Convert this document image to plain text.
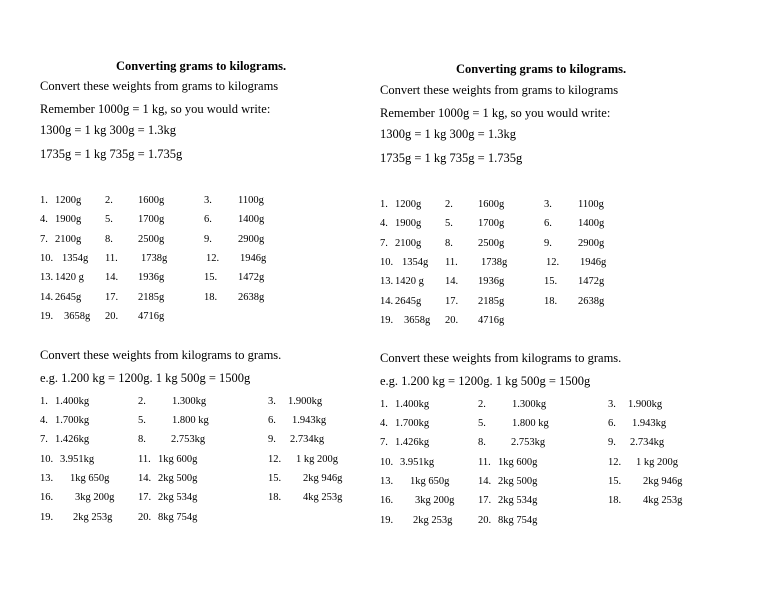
Converting grams to kilograms.
Convert these weights from grams to kilograms
Remember 1000g = 1 kg, so you would write:
1300g = 1 kg 300g = 1.3kg
1735g = 1 kg 735g = 1.735g
1. 1200g 2. 1600g	3. 1100g
4. 1900g 5. 1700g	6. 1400g
7. 2100g 8. 2500g	9. 2900g
10. 1354g 11. 1738g	12. 1946g
13. 1420 g 14. 1936g	15. 1472g
14. 2645g 17. 2185g	18. 2638g
19. 3658g 20. 4716g
Convert these weights from kilograms to grams.
e.g. 1.200 kg = 1200g. 1 kg 500g = 1500g
1. 1.400kg	2. 1.300kg	3. 1.900kg
4. 1.700kg	5. 1.800 kg	6. 1.943kg
7. 1.426kg	8. 2.753kg	9. 2.734kg
10. 3.951kg	11. 1kg 600g	12. 1 kg 200g
13. 1kg 650g	14. 2kg 500g	15. 2kg 946g
16. 3kg 200g 17. 2kg 534g	18. 4kg 253g
19. 2kg 253g 20. 8kg 754g
Converting grams to kilograms.
Convert these weights from grams to kilograms
Remember 1000g = 1 kg, so you would write:
1300g = 1 kg 300g = 1.3kg
1735g = 1 kg 735g = 1.735g
1. 1200g 2. 1600g	3. 1100g
4. 1900g 5. 1700g	6. 1400g
7. 2100g 8. 2500g	9. 2900g
10. 1354g 11. 1738g	12. 1946g
13. 1420 g 14. 1936g	15. 1472g
14. 2645g 17. 2185g	18. 2638g
19. 3658g 20. 4716g
Convert these weights from kilograms to grams.
e.g. 1.200 kg = 1200g. 1 kg 500g = 1500g
1. 1.400kg	2. 1.300kg	3. 1.900kg
4. 1.700kg	5. 1.800 kg	6. 1.943kg
7. 1.426kg	8. 2.753kg	9. 2.734kg
10. 3.951kg	11. 1kg 600g	12. 1 kg 200g
13. 1kg 650g	14. 2kg 500g	15. 2kg 946g
16. 3kg 200g 17. 2kg 534g	18. 4kg 253g
19. 2kg 253g 20. 8kg 754g
